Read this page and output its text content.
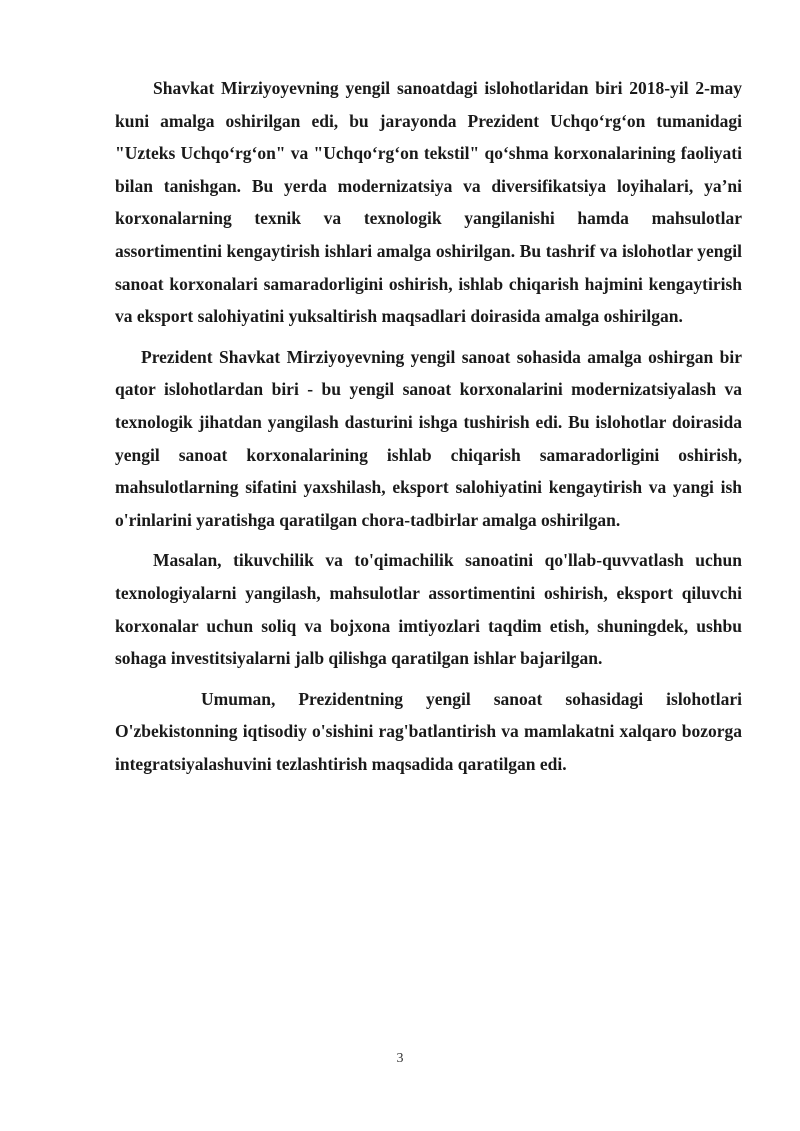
Shavkat Mirziyoyevning yengil sanoatdagi islohotlaridan biri 2018-yil 2-may kuni amalga oshirilgan edi, bu jarayonda Prezident Uchqo‘rg‘on tumanidagi "Uzteks Uchqo‘rg‘on" va "Uchqo‘rg‘on tekstil" qo‘shma korxonalarining faoliyati bilan tanishgan. Bu yerda modernizatsiya va diversifikatsiya loyihalari, ya’ni korxonalarning texnik va texnologik yangilanishi hamda mahsulotlar assortimentini kengaytirish ishlari amalga oshirilgan. Bu tashrif va islohotlar yengil sanoat korxonalari samaradorligini oshirish, ishlab chiqarish hajmini kengaytirish va eksport salohiyatini yuksaltirish maqsadlari doirasida amalga oshirilgan.

Prezident Shavkat Mirziyoyevning yengil sanoat sohasida amalga oshirgan bir qator islohotlardan biri - bu yengil sanoat korxonalarini modernizatsiyalash va texnologik jihatdan yangilash dasturini ishga tushirish edi. Bu islohotlar doirasida yengil sanoat korxonalarining ishlab chiqarish samaradorligini oshirish, mahsulotlarning sifatini yaxshilash, eksport salohiyatini kengaytirish va yangi ish o'rinlarini yaratishga qaratilgan chora-tadbirlar amalga oshirilgan.

Masalan, tikuvchilik va to'qimachilik sanoatini qo'llab-quvvatlash uchun texnologiyalarni yangilash, mahsulotlar assortimentini oshirish, eksport qiluvchi korxonalar uchun soliq va bojxona imtiyozlari taqdim etish, shuningdek, ushbu sohaga investitsiyalarni jalb qilishga qaratilgan ishlar bajarilgan.

Umuman, Prezidentning yengil sanoat sohasidagi islohotlari O'zbekistonning iqtisodiy o'sishini rag'batlantirish va mamlakatni xalqaro bozorga integratsiyalashuvini tezlashtirish maqsadida qaratilgan edi.

3
